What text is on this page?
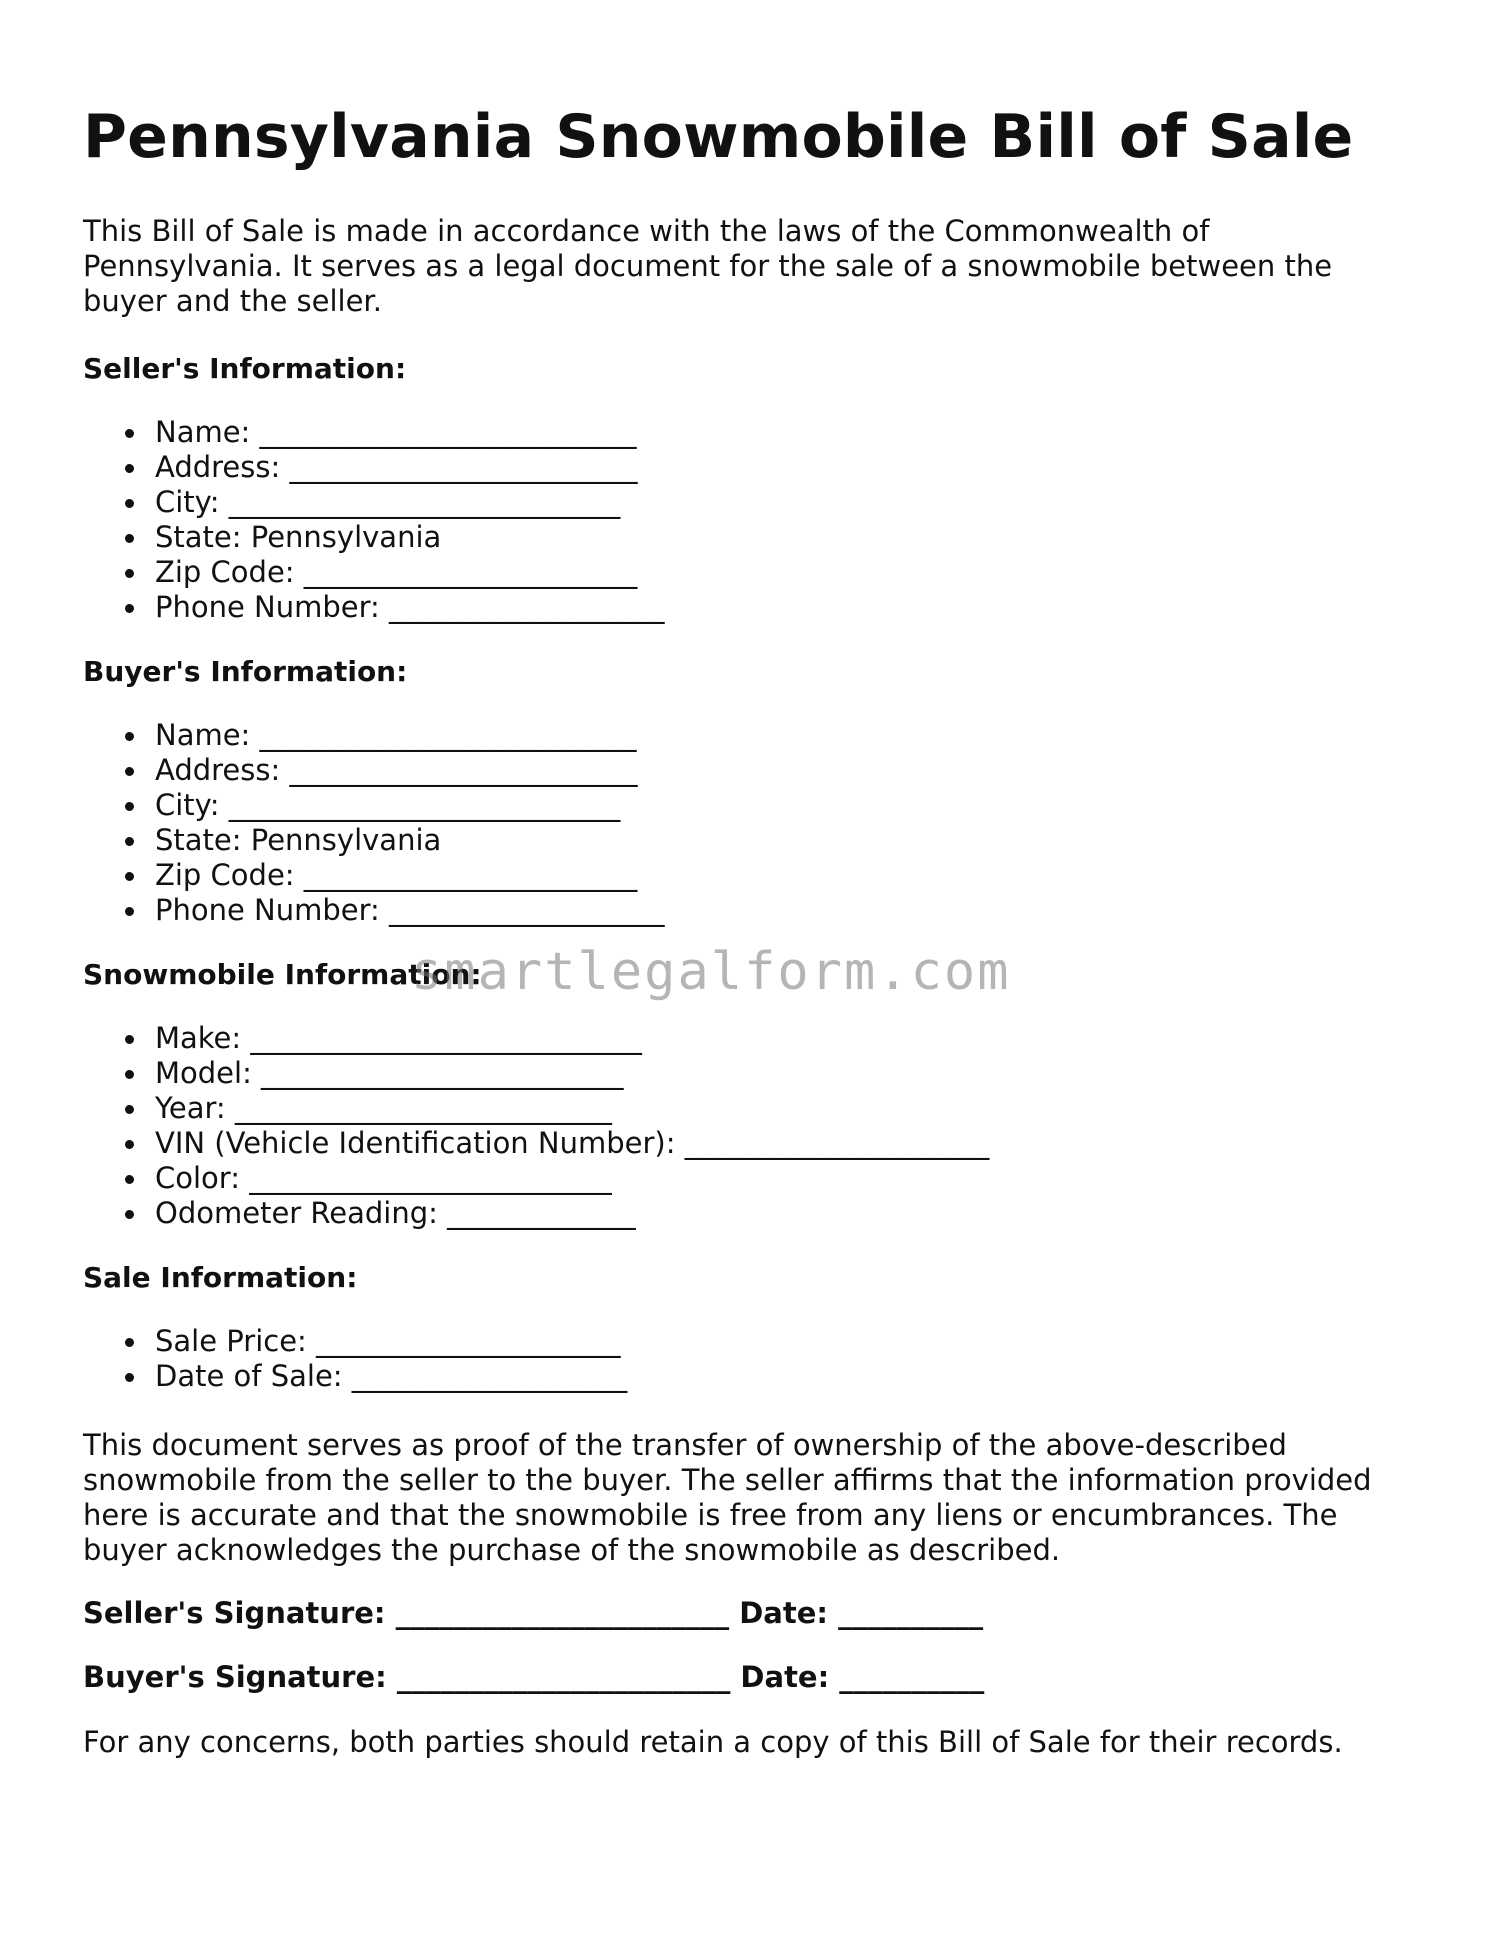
Pennsylvania Snowmobile Bill of Sale

This Bill of Sale is made in accordance with the laws of the Commonwealth of Pennsylvania. It serves as a legal document for the sale of a snowmobile between the buyer and the seller.

Seller's Information:

Name: __________________________
Address: ________________________
City: ___________________________
State: Pennsylvania
Zip Code: _______________________
Phone Number: ___________________

Buyer's Information:

Name: __________________________
Address: ________________________
City: ___________________________
State: Pennsylvania
Zip Code: _______________________
Phone Number: ___________________

Snowmobile Information:

Make: ___________________________
Model: _________________________
Year: __________________________
VIN (Vehicle Identification Number): _____________________
Color: _________________________
Odometer Reading: _____________

Sale Information:

Sale Price: _____________________
Date of Sale: ___________________

This document serves as proof of the transfer of ownership of the above-described snowmobile from the seller to the buyer. The seller affirms that the information provided here is accurate and that the snowmobile is free from any liens or encumbrances. The buyer acknowledges the purchase of the snowmobile as described.

Seller's Signature: _______________________ Date: __________

Buyer's Signature: _______________________ Date: __________

For any concerns, both parties should retain a copy of this Bill of Sale for their records.

smartlegalform.com
